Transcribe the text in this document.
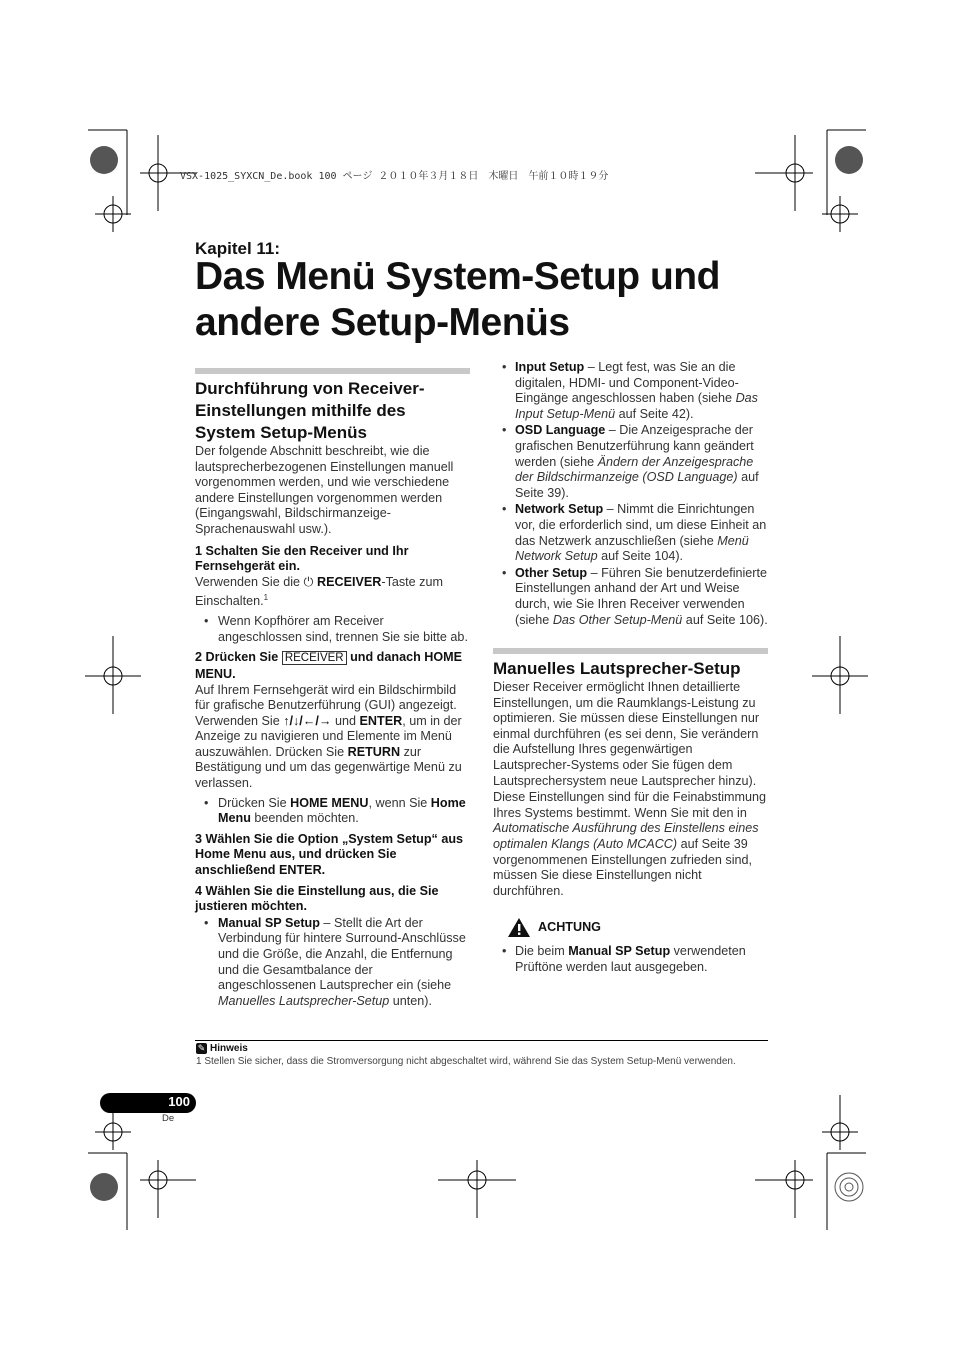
VSX-1025_SYXCN_De.book 100 ページ ２０１０年３月１８日　木曜日　午前１０時１９分
Kapitel 11:
Das Menü System-Setup und
andere Setup-Menüs
Durchführung von Receiver-Einstellungen mithilfe des System Setup-Menüs

Der folgende Abschnitt beschreibt, wie die lautsprecherbezogenen Einstellungen manuell vorgenommen werden, und wie verschiedene andere Einstellungen vorgenommen werden (Eingangswahl, Bildschirmanzeige-Sprachenauswahl usw.).

1 Schalten Sie den Receiver und Ihr Fernsehgerät ein.

Verwenden Sie die ⏻ RECEIVER-Taste zum Einschalten.$^1$

• Wenn Kopfhörer am Receiver angeschlossen sind, trennen Sie sie bitte ab.

2 Drücken Sie RECEIVER und danach HOME MENU.

Auf Ihrem Fernsehgerät wird ein Bildschirmbild für grafische Benutzerführung (GUI) angezeigt. Verwenden Sie ↑/↓/←/→ und ENTER, um in der Anzeige zu navigieren und Elemente im Menü auszuwählen. Drücken Sie RETURN zur Bestätigung und um das gegenwärtige Menü zu verlassen.

• Drücken Sie HOME MENU, wenn Sie Home Menu beenden möchten.

3 Wählen Sie die Option „System Setup“ aus Home Menu aus, und drücken Sie anschließend ENTER.

4 Wählen Sie die Einstellung aus, die Sie justieren möchten.

• Manual SP Setup – Stellt die Art der Verbindung für hintere Surround-Anschlüsse und die Größe, die Anzahl, die Entfernung und die Gesamtbalance der angeschlossenen Lautsprecher ein (siehe Manuelles Lautsprecher-Setup unten).

• Input Setup – Legt fest, was Sie an die digitalen, HDMI- und Component-Video-Eingänge angeschlossen haben (siehe Das Input Setup-Menü auf Seite 42).

• OSD Language – Die Anzeigesprache der grafischen Benutzerführung kann geändert werden (siehe Ändern der Anzeigesprache der Bildschirmanzeige (OSD Language) auf Seite 39).

• Network Setup – Nimmt die Einrichtungen vor, die erforderlich sind, um diese Einheit an das Netzwerk anzuschließen (siehe Menü Network Setup auf Seite 104).

• Other Setup – Führen Sie benutzerdefinierte Einstellungen anhand der Art und Weise durch, wie Sie Ihren Receiver verwenden (siehe Das Other Setup-Menü auf Seite 106).

Manuelles Lautsprecher-Setup

Dieser Receiver ermöglicht Ihnen detaillierte Einstellungen, um die Raumklangs-Leistung zu optimieren. Sie müssen diese Einstellungen nur einmal durchführen (es sei denn, Sie verändern die Aufstellung Ihres gegenwärtigen Lautsprecher-Systems oder Sie fügen dem Lautsprechersystem neue Lautsprecher hinzu).

Diese Einstellungen sind für die Feinabstimmung Ihres Systems bestimmt. Wenn Sie mit den in Automatische Ausführung des Einstellens eines optimalen Klangs (Auto MCACC) auf Seite 39 vorgenommenen Einstellungen zufrieden sind, müssen Sie diese Einstellungen nicht durchführen.

ACHTUNG

• Die beim Manual SP Setup verwendeten Prüftöne werden laut ausgegeben.

✎ Hinweis

1 Stellen Sie sicher, dass die Stromversorgung nicht abgeschaltet wird, während Sie das System Setup-Menü verwenden.

100
De
